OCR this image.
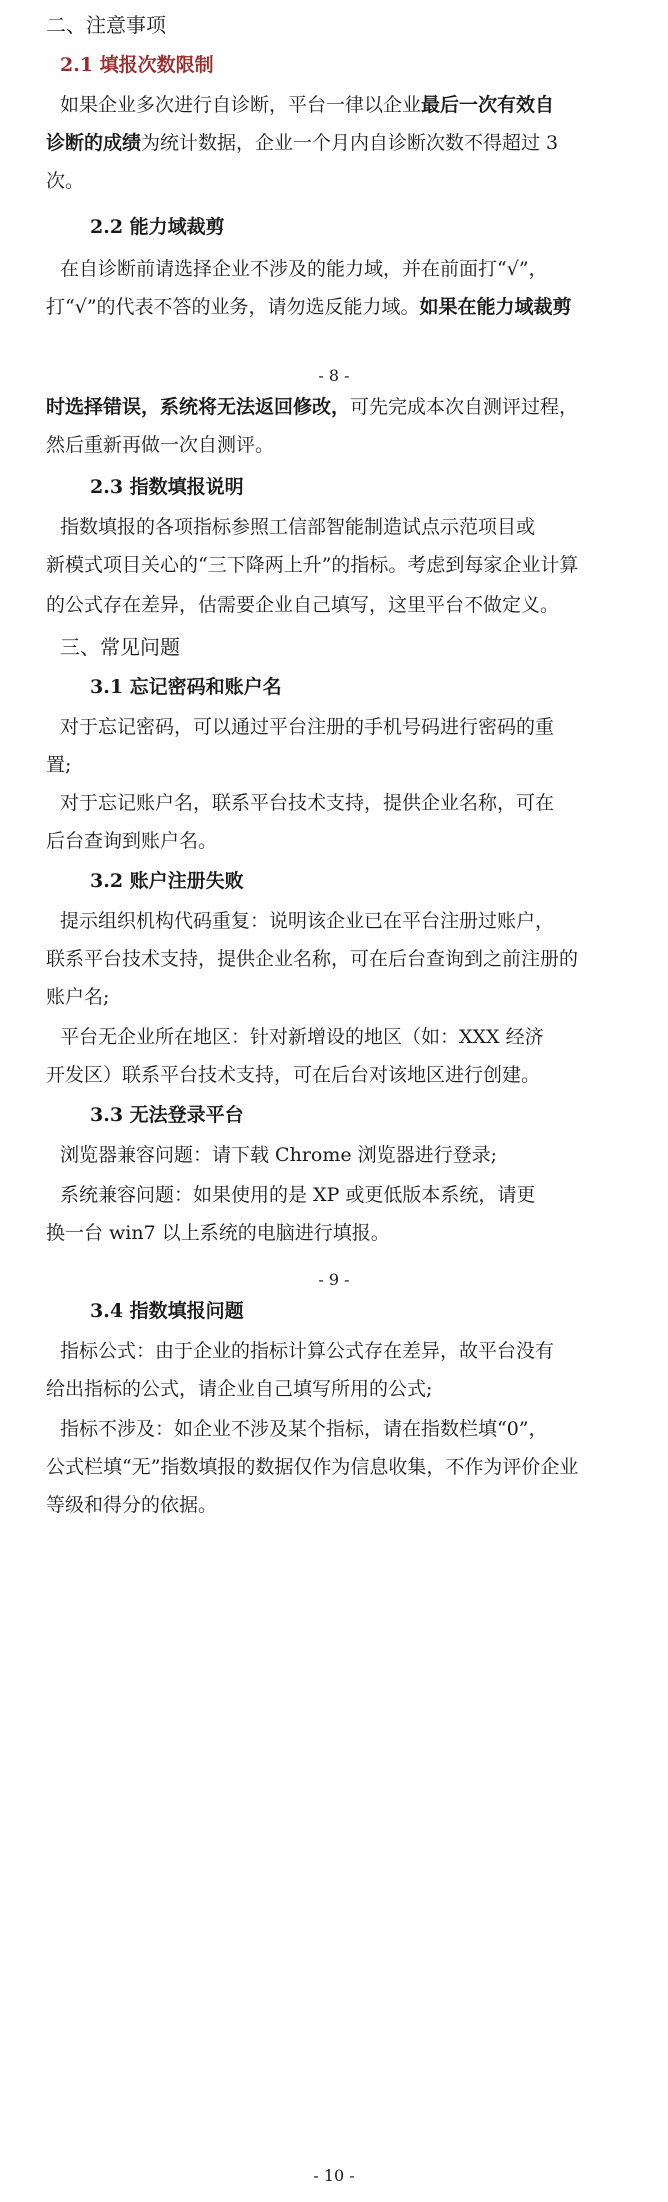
二、注意事项

2.1 填报次数限制

如果企业多次进行自诊断，平台一律以企业最后一次有效自

诊断的成绩为统计数据，企业一个月内自诊断次数不得超过 3

次。

2.2 能力域裁剪

在自诊断前请选择企业不涉及的能力域，并在前面打“√”，

打“√”的代表不答的业务，请勿选反能力域。如果在能力域裁剪

- 8 -

时选择错误，系统将无法返回修改，可先完成本次自测评过程，

然后重新再做一次自测评。

2.3 指数填报说明

指数填报的各项指标参照工信部智能制造试点示范项目或

新模式项目关心的“三下降两上升”的指标。考虑到每家企业计算

的公式存在差异，估需要企业自己填写，这里平台不做定义。

三、常见问题

3.1 忘记密码和账户名

对于忘记密码，可以通过平台注册的手机号码进行密码的重

置;

对于忘记账户名，联系平台技术支持，提供企业名称，可在

后台查询到账户名。

3.2 账户注册失败

提示组织机构代码重复：说明该企业已在平台注册过账户，

联系平台技术支持，提供企业名称，可在后台查询到之前注册的

账户名;

平台无企业所在地区：针对新增设的地区（如：XXX 经济

开发区）联系平台技术支持，可在后台对该地区进行创建。

3.3 无法登录平台

浏览器兼容问题：请下载 Chrome 浏览器进行登录;

系统兼容问题：如果使用的是 XP 或更低版本系统，请更

换一台 win7 以上系统的电脑进行填报。

- 9 -

3.4 指数填报问题

指标公式：由于企业的指标计算公式存在差异，故平台没有

给出指标的公式，请企业自己填写所用的公式;

指标不涉及：如企业不涉及某个指标，请在指数栏填“0”，

公式栏填“无”指数填报的数据仅作为信息收集，不作为评价企业

等级和得分的依据。

- 10 -
